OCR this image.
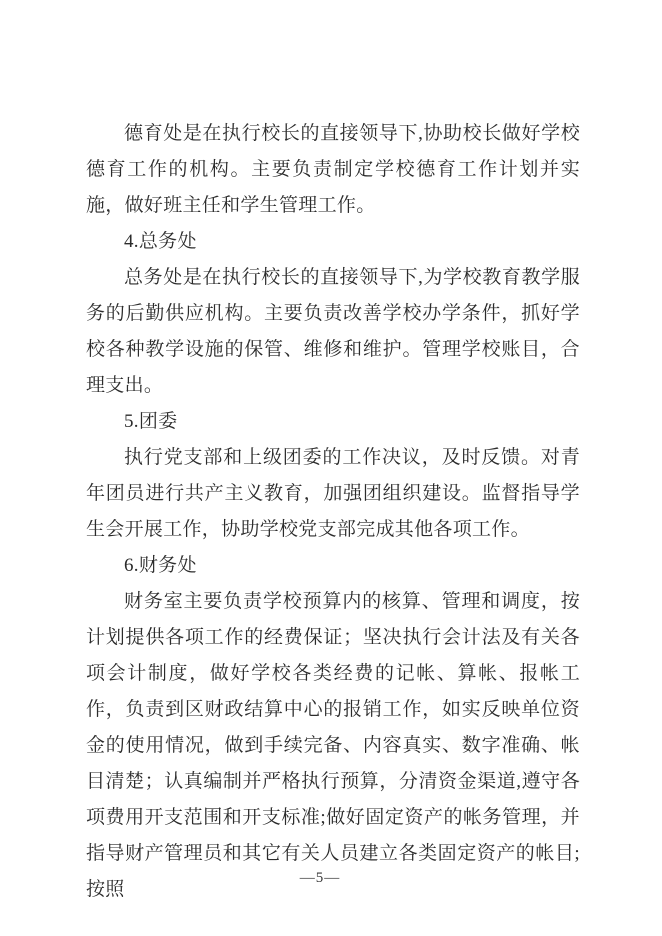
德育处是在执行校长的直接领导下,协助校长做好学校德育工作的机构。主要负责制定学校德育工作计划并实施，做好班主任和学生管理工作。

4.总务处

总务处是在执行校长的直接领导下,为学校教育教学服务的后勤供应机构。主要负责改善学校办学条件，抓好学校各种教学设施的保管、维修和维护。管理学校账目，合理支出。

5.团委

执行党支部和上级团委的工作决议，及时反馈。对青年团员进行共产主义教育，加强团组织建设。监督指导学生会开展工作，协助学校党支部完成其他各项工作。

6.财务处

财务室主要负责学校预算内的核算、管理和调度，按计划提供各项工作的经费保证；坚决执行会计法及有关各项会计制度，做好学校各类经费的记帐、算帐、报帐工作，负责到区财政结算中心的报销工作，如实反映单位资金的使用情况，做到手续完备、内容真实、数字准确、帐目清楚；认真编制并严格执行预算，分清资金渠道,遵守各项费用开支范围和开支标准;做好固定资产的帐务管理，并指导财产管理员和其它有关人员建立各类固定资产的帐目;按照

—5—
